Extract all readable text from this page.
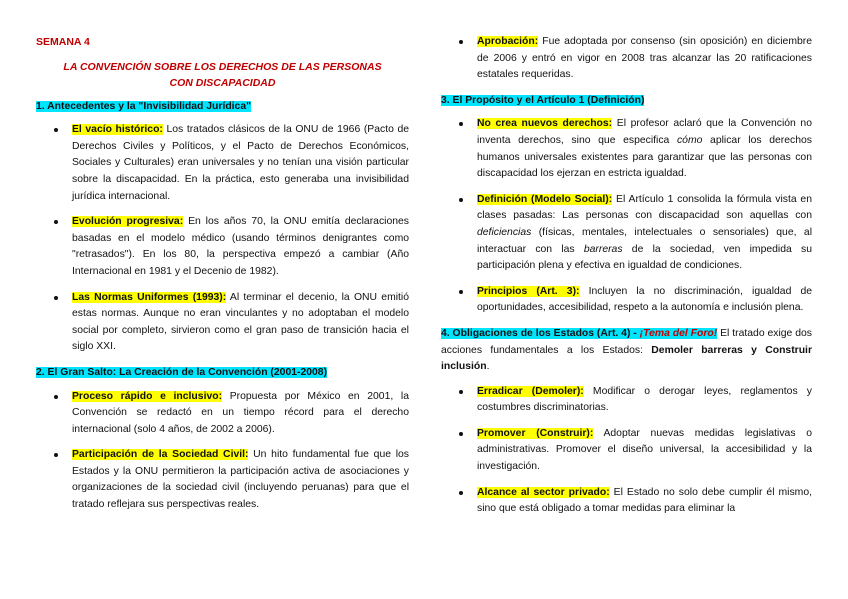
SEMANA 4
LA CONVENCIÓN SOBRE LOS DERECHOS DE LAS PERSONAS CON DISCAPACIDAD
1. Antecedentes y la "Invisibilidad Jurídica"
El vacío histórico: Los tratados clásicos de la ONU de 1966 (Pacto de Derechos Civiles y Políticos, y el Pacto de Derechos Económicos, Sociales y Culturales) eran universales y no tenían una visión particular sobre la discapacidad. En la práctica, esto generaba una invisibilidad jurídica internacional.
Evolución progresiva: En los años 70, la ONU emitía declaraciones basadas en el modelo médico (usando términos denigrantes como "retrasados"). En los 80, la perspectiva empezó a cambiar (Año Internacional en 1981 y el Decenio de 1982).
Las Normas Uniformes (1993): Al terminar el decenio, la ONU emitió estas normas. Aunque no eran vinculantes y no adoptaban el modelo social por completo, sirvieron como el gran paso de transición hacia el siglo XXI.
2. El Gran Salto: La Creación de la Convención (2001-2008)
Proceso rápido e inclusivo: Propuesta por México en 2001, la Convención se redactó en un tiempo récord para el derecho internacional (solo 4 años, de 2002 a 2006).
Participación de la Sociedad Civil: Un hito fundamental fue que los Estados y la ONU permitieron la participación activa de asociaciones y organizaciones de la sociedad civil (incluyendo peruanas) para que el tratado reflejara sus perspectivas reales.
Aprobación: Fue adoptada por consenso (sin oposición) en diciembre de 2006 y entró en vigor en 2008 tras alcanzar las 20 ratificaciones estatales requeridas.
3. El Propósito y el Artículo 1 (Definición)
No crea nuevos derechos: El profesor aclaró que la Convención no inventa derechos, sino que especifica cómo aplicar los derechos humanos universales existentes para garantizar que las personas con discapacidad los ejerzan en estricta igualdad.
Definición (Modelo Social): El Artículo 1 consolida la fórmula vista en clases pasadas: Las personas con discapacidad son aquellas con deficiencias (físicas, mentales, intelectuales o sensoriales) que, al interactuar con las barreras de la sociedad, ven impedida su participación plena y efectiva en igualdad de condiciones.
Principios (Art. 3): Incluyen la no discriminación, igualdad de oportunidades, accesibilidad, respeto a la autonomía e inclusión plena.
4. Obligaciones de los Estados (Art. 4) - ¡Tema del Foro! El tratado exige dos acciones fundamentales a los Estados: Demoler barreras y Construir inclusión.
Erradicar (Demoler): Modificar o derogar leyes, reglamentos y costumbres discriminatorias.
Promover (Construir): Adoptar nuevas medidas legislativas o administrativas. Promover el diseño universal, la accesibilidad y la investigación.
Alcance al sector privado: El Estado no solo debe cumplir él mismo, sino que está obligado a tomar medidas para eliminar la
